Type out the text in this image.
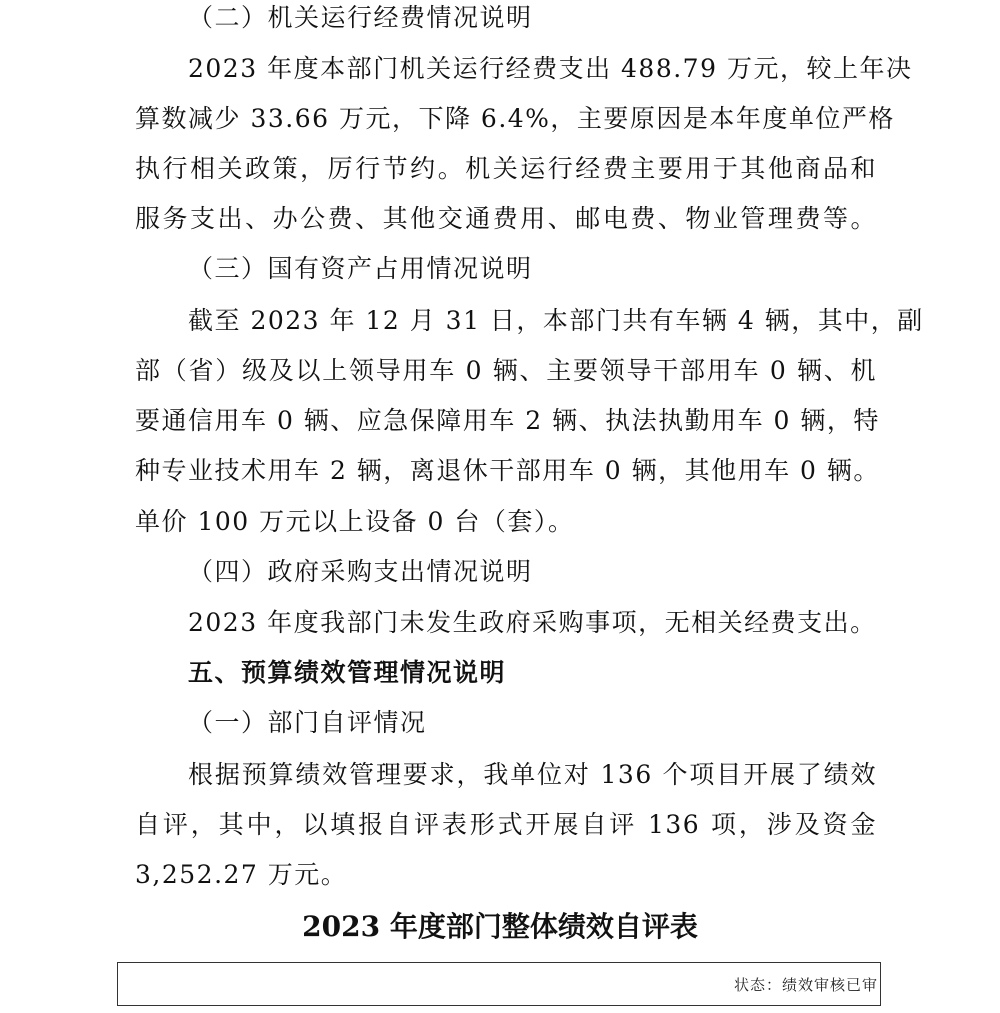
（二）机关运行经费情况说明
2023 年度本部门机关运行经费支出 488.79 万元，较上年决
算数减少 33.66 万元，下降 6.4%，主要原因是本年度单位严格
执行相关政策，厉行节约。机关运行经费主要用于其他商品和
服务支出、办公费、其他交通费用、邮电费、物业管理费等。
（三）国有资产占用情况说明
截至 2023 年 12 月 31 日，本部门共有车辆 4 辆，其中，副
部（省）级及以上领导用车 0 辆、主要领导干部用车 0 辆、机
要通信用车 0 辆、应急保障用车 2 辆、执法执勤用车 0 辆，特
种专业技术用车 2 辆，离退休干部用车 0 辆，其他用车 0 辆。
单价 100 万元以上设备 0 台（套）。
（四）政府采购支出情况说明
2023 年度我部门未发生政府采购事项，无相关经费支出。
五、预算绩效管理情况说明
（一）部门自评情况
根据预算绩效管理要求，我单位对 136 个项目开展了绩效
自评，其中，以填报自评表形式开展自评 136 项，涉及资金
3,252.27 万元。
2023 年度部门整体绩效自评表
状态：绩效审核已审
